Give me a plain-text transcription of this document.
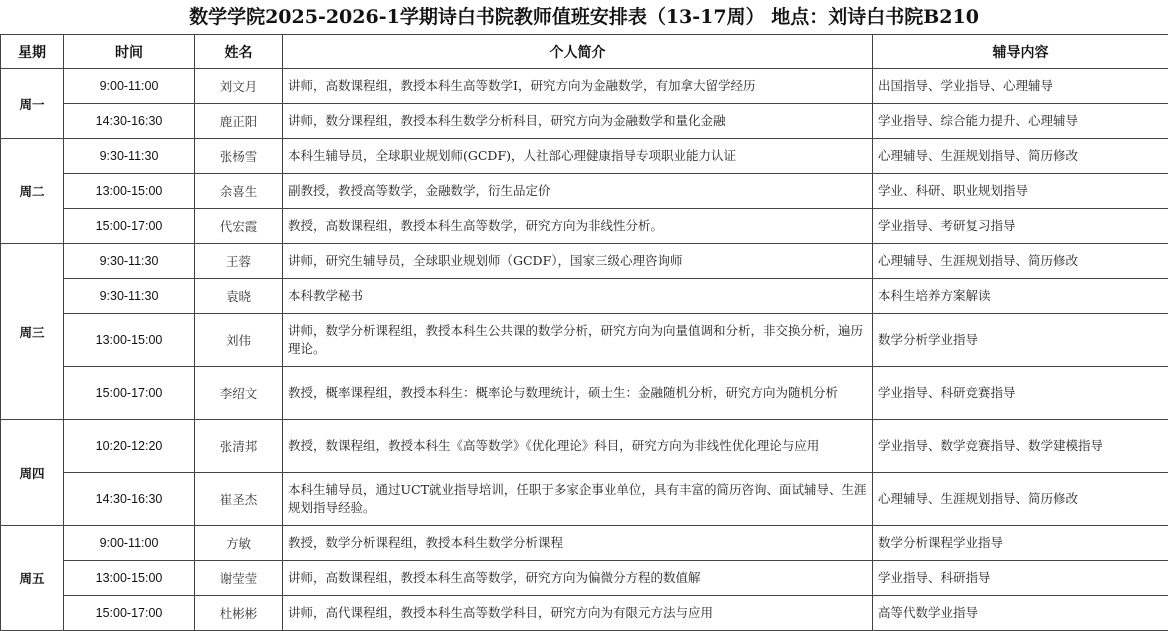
数学学院2025-2026-1学期诗白书院教师值班安排表（13-17周） 地点：刘诗白书院B210
星期	时间	姓名	个人简介	辅导内容
周一	9:00-11:00	刘文月	讲师，高数课程组，教授本科生高等数学I，研究方向为金融数学，有加拿大留学经历	出国指导、学业指导、心理辅导
	14:30-16:30	鹿正阳	讲师，数分课程组，教授本科生数学分析科目，研究方向为金融数学和量化金融	学业指导、综合能力提升、心理辅导
周二	9:30-11:30	张杨雪	本科生辅导员，全球职业规划师(GCDF)，人社部心理健康指导专项职业能力认证	心理辅导、生涯规划指导、简历修改
	13:00-15:00	余喜生	副教授，教授高等数学，金融数学，衍生品定价	学业、科研、职业规划指导
	15:00-17:00	代宏霞	教授，高数课程组，教授本科生高等数学，研究方向为非线性分析。	学业指导、考研复习指导
周三	9:30-11:30	王蓉	讲师，研究生辅导员，全球职业规划师（GCDF），国家三级心理咨询师	心理辅导、生涯规划指导、简历修改
	9:30-11:30	袁晓	本科教学秘书	本科生培养方案解读
	13:00-15:00	刘伟	讲师，数学分析课程组，教授本科生公共课的数学分析，研究方向为向量值调和分析，非交换分析，遍历理论。	数学分析学业指导
	15:00-17:00	李绍文	教授，概率课程组，教授本科生：概率论与数理统计，硕士生：金融随机分析，研究方向为随机分析	学业指导、科研竞赛指导
周四	10:20-12:20	张清邦	教授，数课程组，教授本科生《高等数学》《优化理论》科目，研究方向为非线性优化理论与应用	学业指导、数学竞赛指导、数学建模指导
	14:30-16:30	崔圣杰	本科生辅导员，通过UCT就业指导培训，任职于多家企事业单位，具有丰富的简历咨询、面试辅导、生涯规划指导经验。	心理辅导、生涯规划指导、简历修改
周五	9:00-11:00	方敏	教授，数学分析课程组，教授本科生数学分析课程	数学分析课程学业指导
	13:00-15:00	谢莹莹	讲师，高数课程组，教授本科生高等数学，研究方向为偏微分方程的数值解	学业指导、科研指导
	15:00-17:00	杜彬彬	讲师，高代课程组，教授本科生高等数学科目，研究方向为有限元方法与应用	高等代数学业指导
